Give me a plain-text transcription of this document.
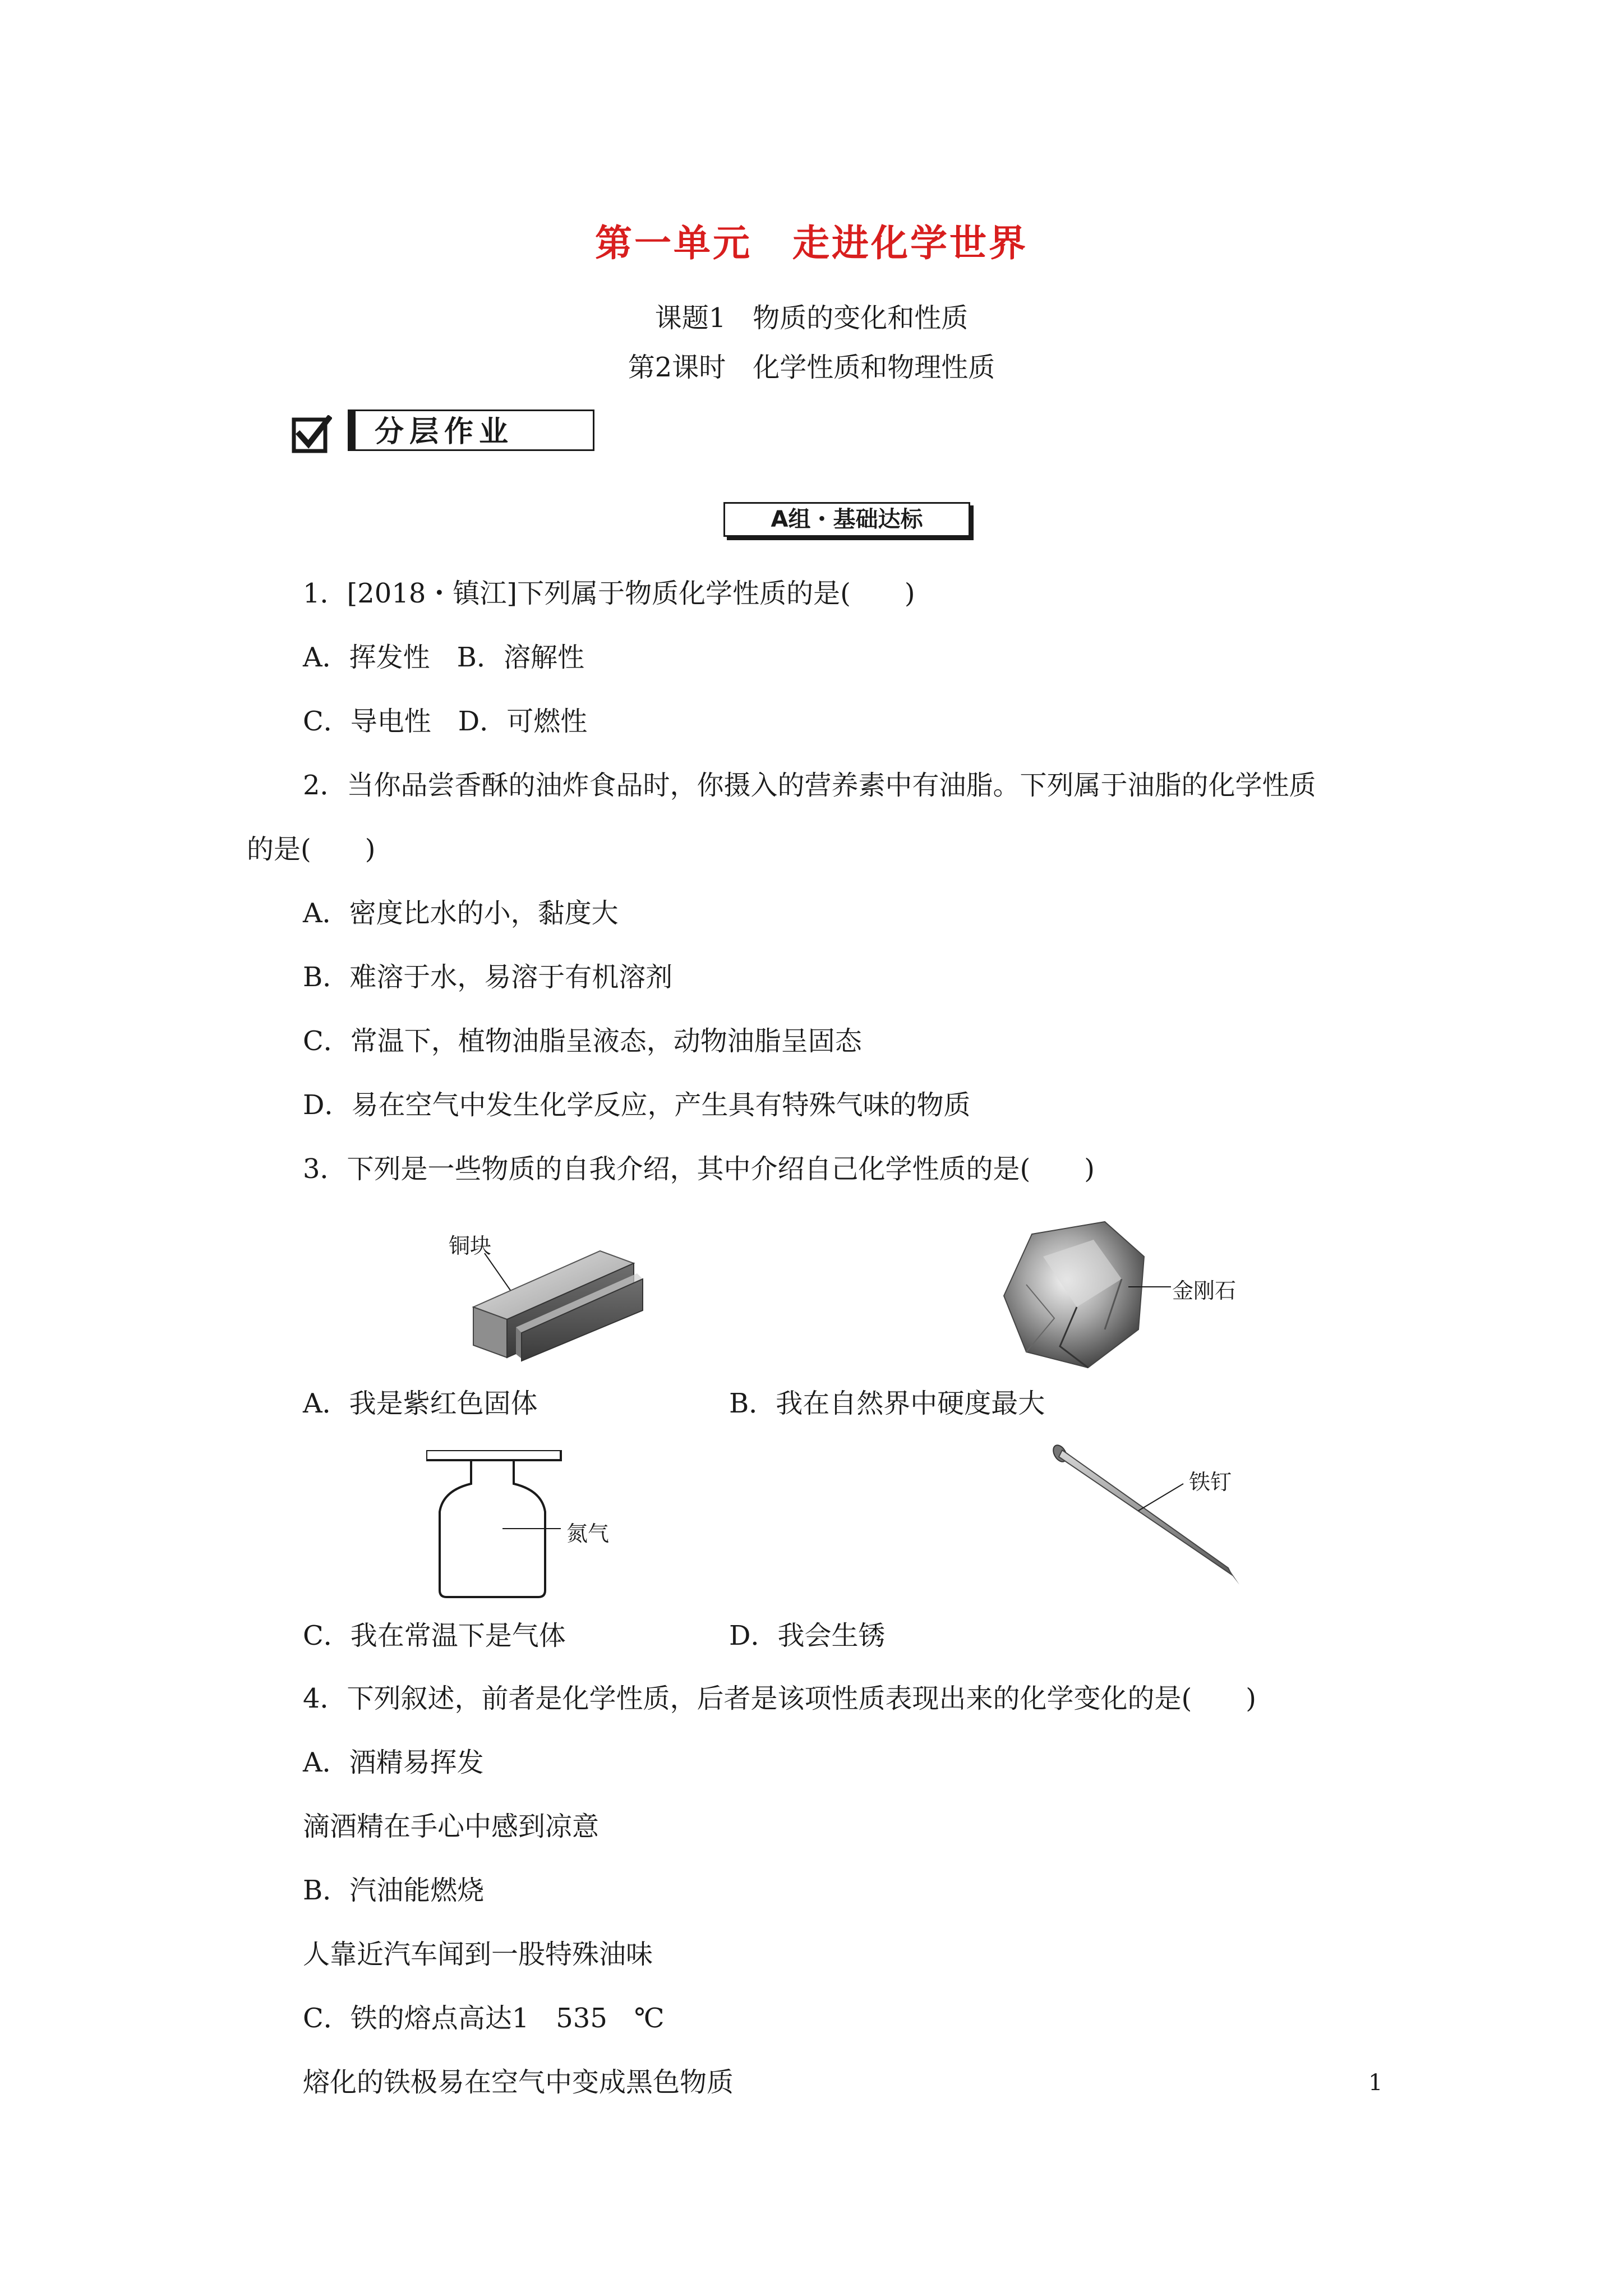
第一单元 走进化学世界
课题1　物质的变化和性质
第2课时　化学性质和物理性质
分层作业
A组・基础达标
1．[2018・镇江]下列属于物质化学性质的是(　　)
A．挥发性　B．溶解性
C．导电性　D．可燃性
2．当你品尝香酥的油炸食品时，你摄入的营养素中有油脂。下列属于油脂的化学性质
的是(　　)
A．密度比水的小，黏度大
B．难溶于水，易溶于有机溶剂
C．常温下，植物油脂呈液态，动物油脂呈固态
D．易在空气中发生化学反应，产生具有特殊气味的物质
3．下列是一些物质的自我介绍，其中介绍自己化学性质的是(　　)
铜块
金刚石
A．我是紫红色固体	B．我在自然界中硬度最大
氮气
铁钉
C．我在常温下是气体	D．我会生锈
4．下列叙述，前者是化学性质，后者是该项性质表现出来的化学变化的是(　　)
A．酒精易挥发
滴酒精在手心中感到凉意
B．汽油能燃烧
人靠近汽车闻到一股特殊油味
C．铁的熔点高达1　535　℃
熔化的铁极易在空气中变成黑色物质	1
